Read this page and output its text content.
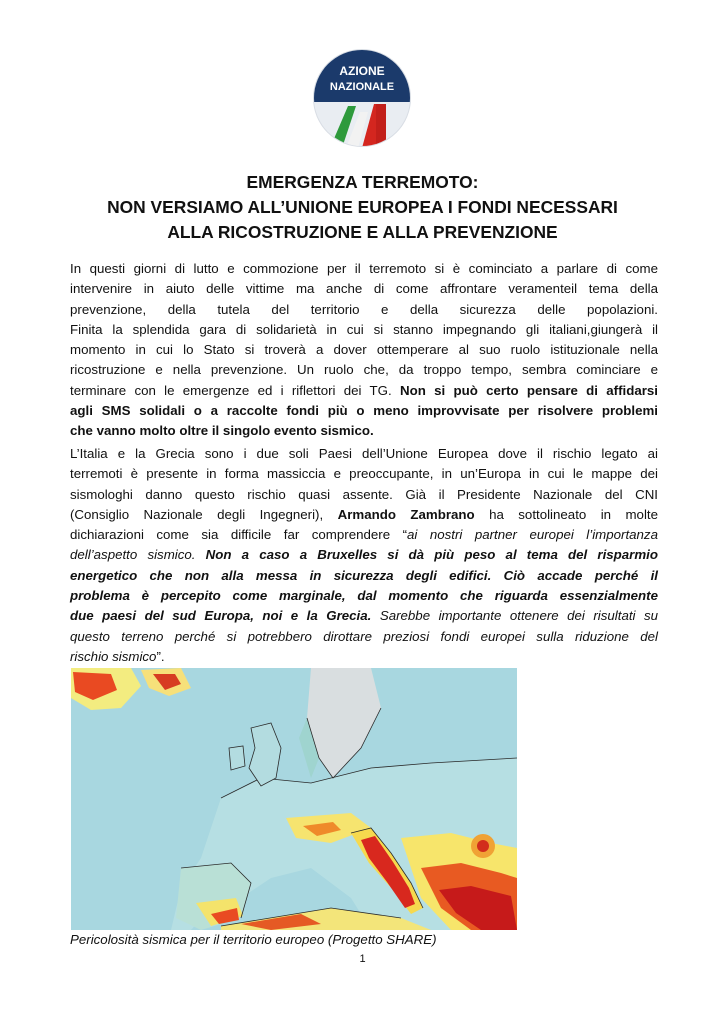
AZIONE
NAZIONALE
EMERGENZA TERREMOTO:
NON VERSIAMO ALL’UNIONE EUROPEA I FONDI NECESSARI
ALLA RICOSTRUZIONE E ALLA PREVENZIONE
In questi giorni di lutto e commozione per il terremoto si è cominciato a parlare di come
intervenire in aiuto delle vittime ma anche di come affrontare veramenteil tema della
prevenzione, della tutela del territorio e della sicurezza delle popolazioni.
Finita la splendida gara di solidarietà in cui si stanno impegnando gli italiani,giungerà il
momento in cui lo Stato si troverà a dover ottemperare al suo ruolo istituzionale nella
ricostruzione e nella prevenzione. Un ruolo che, da troppo tempo, sembra cominciare e
terminare con le emergenze ed i riflettori dei TG. Non si può certo pensare di affidarsi
agli SMS solidali o a raccolte fondi più o meno improvvisate per risolvere problemi
che vanno molto oltre il singolo evento sismico.
L’Italia e la Grecia sono i due soli Paesi dell’Unione Europea dove il rischio legato ai
terremoti è presente in forma massiccia e preoccupante, in un’Europa in cui le mappe dei
sismologhi danno questo rischio quasi assente. Già il Presidente Nazionale del CNI
(Consiglio Nazionale degli Ingegneri), Armando Zambrano ha sottolineato in molte
dichiarazioni come sia difficile far comprendere “ai nostri partner europei l’importanza
dell’aspetto sismico. Non a caso a Bruxelles si dà più peso al tema del risparmio
energetico che non alla messa in sicurezza degli edifici. Ciò accade perché il
problema è percepito come marginale, dal momento che riguarda essenzialmente
due paesi del sud Europa, noi e la Grecia. Sarebbe importante ottenere dei risultati su
questo terreno perché si potrebbero dirottare preziosi fondi europei sulla riduzione del
rischio sismico”.
Pericolosità sismica per il territorio europeo (Progetto SHARE)
1
